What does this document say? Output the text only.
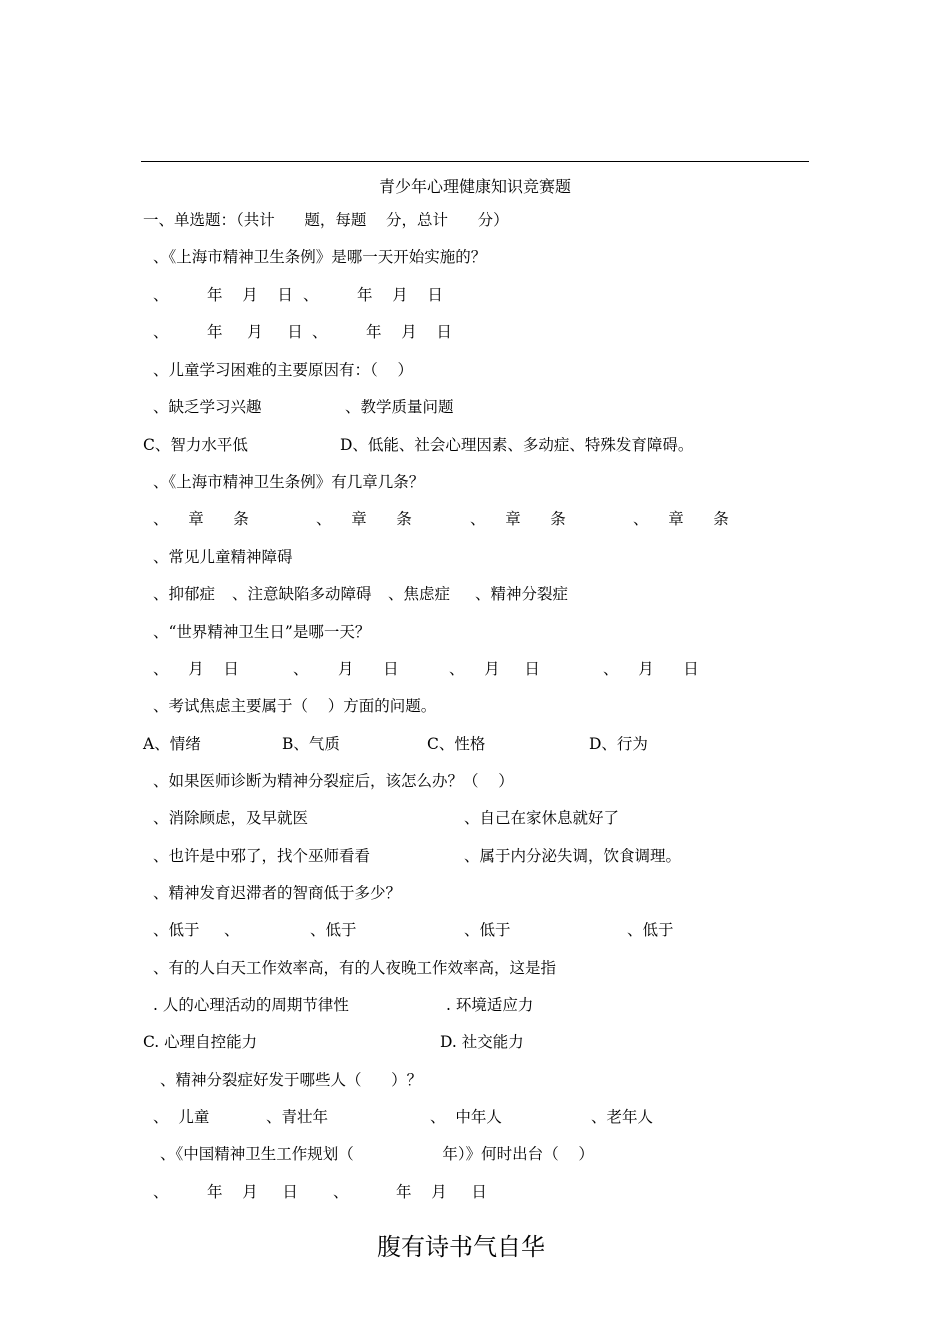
青少年心理健康知识竞赛题
一、单选题：（共计      题，每题    分，总计      分）
、《上海市精神卫生条例》是哪一天开始实施的？
、 年    月    日 、 年    月    日
、 年     月     日 、 年    月    日
、儿童学习困难的主要原因有：（    ）
、缺乏学习兴趣	、教学质量问题
C、智力水平低	D、低能、社会心理因素、多动症、特殊发育障碍。
、《上海市精神卫生条例》有几章几条？
、    章      条	、    章      条	、    章      条	、    章      条
、常见儿童精神障碍
、抑郁症 、注意缺陷多动障碍 、焦虑症 、精神分裂症
、“世界精神卫生日”是哪一天？
、    月    日	、      月      日	、    月     日	、    月      日
、考试焦虑主要属于（    ）方面的问题。
A、情绪	B、气质	C、性格	D、行为
、如果医师诊断为精神分裂症后，该怎么办？（    ）
、消除顾虑，及早就医	、自己在家休息就好了
、也许是中邪了，找个巫师看看	、属于内分泌失调，饮食调理。
、精神发育迟滞者的智商低于多少？
、低于 、	、低于	、低于	、低于
、有的人白天工作效率高，有的人夜晚工作效率高，这是指
. 人的心理活动的周期节律性	. 环境适应力
C. 心理自控能力	D. 社交能力
、精神分裂症好发于哪些人（      ）？
、  儿童	、青壮年	、  中年人	、老年人
、《中国精神卫生工作规划（                  年）》何时出台（    ）
、 年    月     日 、	年    月     日
腹有诗书气自华
